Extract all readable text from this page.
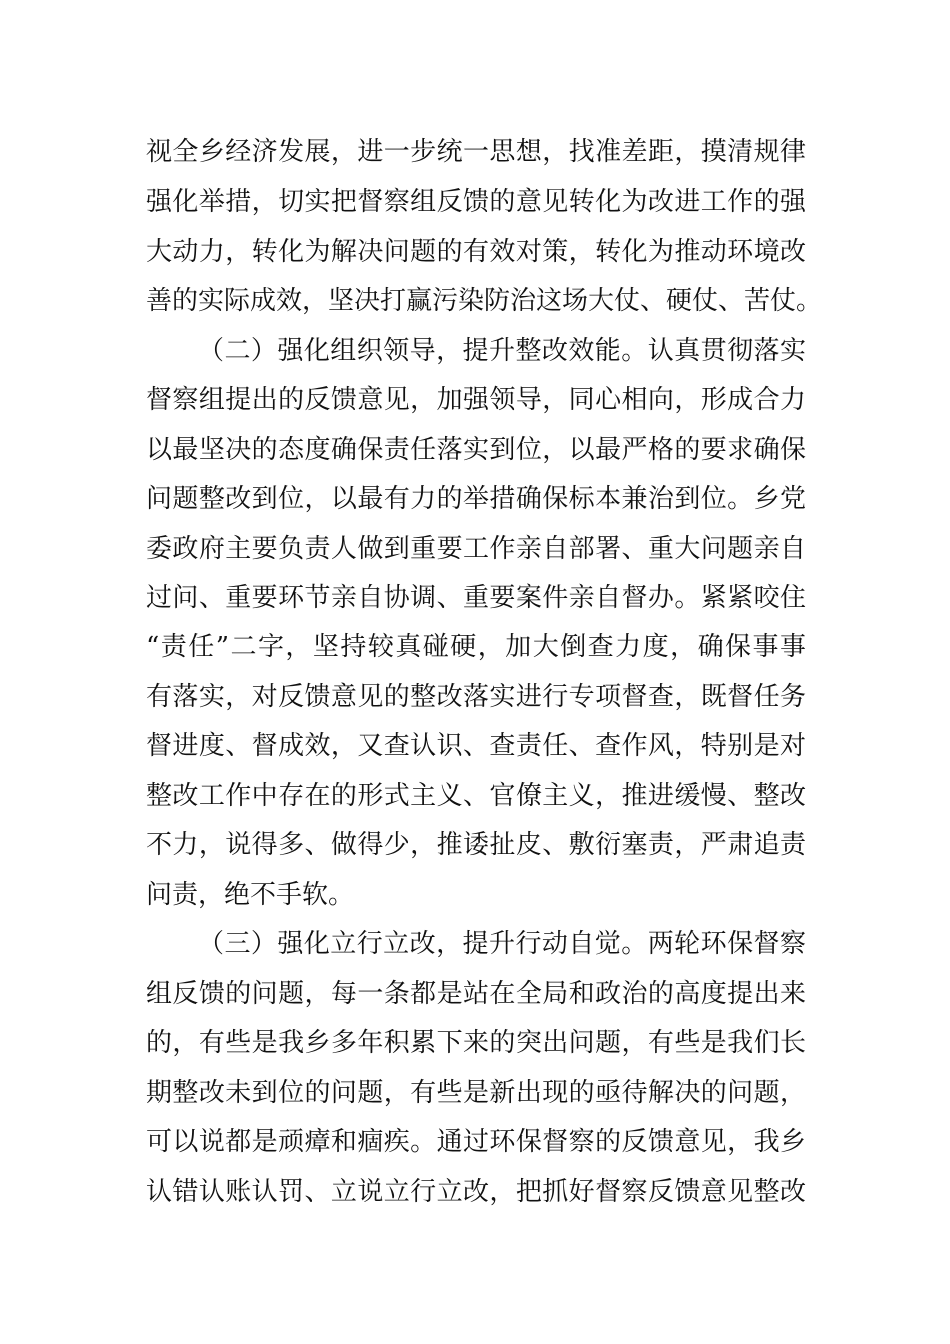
视全乡经济发展，进一步统一思想，找准差距，摸清规律
强化举措，切实把督察组反馈的意见转化为改进工作的强
大动力，转化为解决问题的有效对策，转化为推动环境改
善的实际成效，坚决打赢污染防治这场大仗、硬仗、苦仗。
（二）强化组织领导，提升整改效能。认真贯彻落实
督察组提出的反馈意见，加强领导，同心相向，形成合力
以最坚决的态度确保责任落实到位，以最严格的要求确保
问题整改到位，以最有力的举措确保标本兼治到位。乡党
委政府主要负责人做到重要工作亲自部署、重大问题亲自
过问、重要环节亲自协调、重要案件亲自督办。紧紧咬住
“责任”二字，坚持较真碰硬，加大倒查力度，确保事事
有落实，对反馈意见的整改落实进行专项督查，既督任务
督进度、督成效，又查认识、查责任、查作风，特别是对
整改工作中存在的形式主义、官僚主义，推进缓慢、整改
不力，说得多、做得少，推诿扯皮、敷衍塞责，严肃追责
问责，绝不手软。
（三）强化立行立改，提升行动自觉。两轮环保督察
组反馈的问题，每一条都是站在全局和政治的高度提出来
的，有些是我乡多年积累下来的突出问题，有些是我们长
期整改未到位的问题，有些是新出现的亟待解决的问题，
可以说都是顽瘴和痼疾。通过环保督察的反馈意见，我乡
认错认账认罚、立说立行立改，把抓好督察反馈意见整改
